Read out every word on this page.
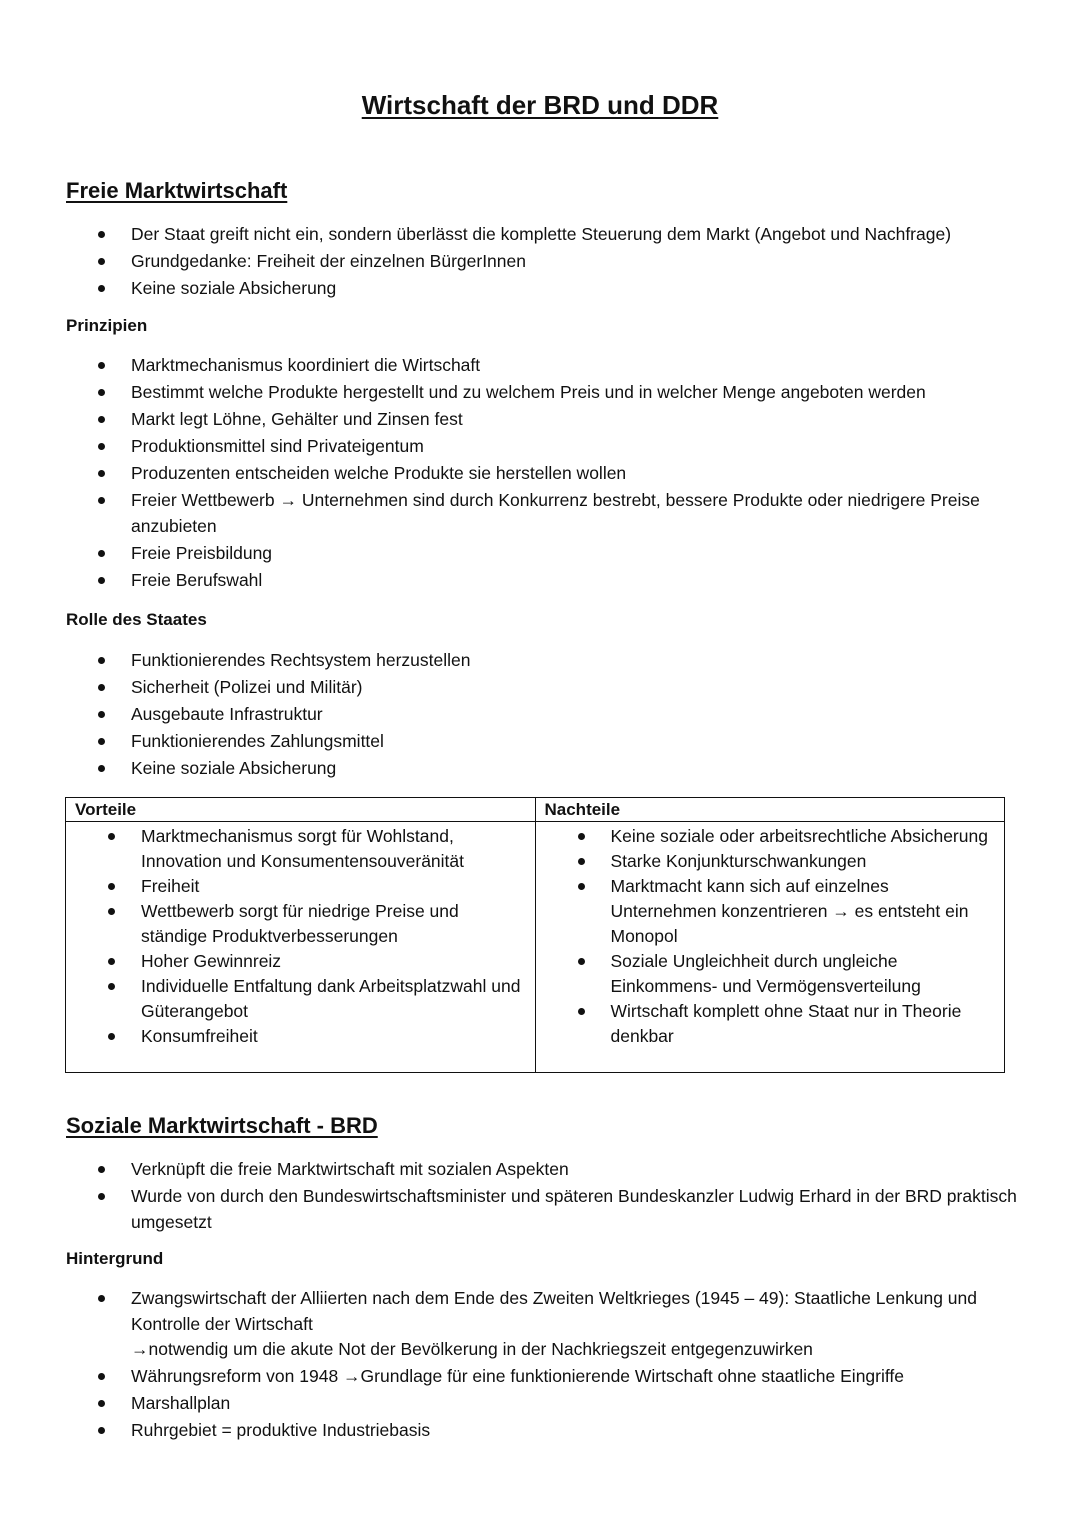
Wirtschaft der BRD und DDR
Freie Marktwirtschaft
Der Staat greift nicht ein, sondern überlässt die komplette Steuerung dem Markt (Angebot und Nachfrage)
Grundgedanke: Freiheit der einzelnen BürgerInnen
Keine soziale Absicherung
Prinzipien
Marktmechanismus koordiniert die Wirtschaft
Bestimmt welche Produkte hergestellt und zu welchem Preis und in welcher Menge angeboten werden
Markt legt Löhne, Gehälter und Zinsen fest
Produktionsmittel sind Privateigentum
Produzenten entscheiden welche Produkte sie herstellen wollen
Freier Wettbewerb → Unternehmen sind durch Konkurrenz bestrebt, bessere Produkte oder niedrigere Preise anzubieten
Freie Preisbildung
Freie Berufswahl
Rolle des Staates
Funktionierendes Rechtsystem herzustellen
Sicherheit (Polizei und Militär)
Ausgebaute Infrastruktur
Funktionierendes Zahlungsmittel
Keine soziale Absicherung
Vorteile
Marktmechanismus sorgt für Wohlstand, Innovation und Konsumentensouveränität
Freiheit
Wettbewerb sorgt für niedrige Preise und ständige Produktverbesserungen
Hoher Gewinnreiz
Individuelle Entfaltung dank Arbeitsplatzwahl und Güterangebot
Konsumfreiheit
Nachteile
Keine soziale oder arbeitsrechtliche Absicherung
Starke Konjunkturschwankungen
Marktmacht kann sich auf einzelnes Unternehmen konzentrieren → es entsteht ein Monopol
Soziale Ungleichheit durch ungleiche Einkommens- und Vermögensverteilung
Wirtschaft komplett ohne Staat nur in Theorie denkbar
Soziale Marktwirtschaft - BRD
Verknüpft die freie Marktwirtschaft mit sozialen Aspekten
Wurde von durch den Bundeswirtschaftsminister und späteren Bundeskanzler Ludwig Erhard in der BRD praktisch umgesetzt
Hintergrund
Zwangswirtschaft der Alliierten nach dem Ende des Zweiten Weltkrieges (1945 – 49): Staatliche Lenkung und Kontrolle der Wirtschaft
→notwendig um die akute Not der Bevölkerung in der Nachkriegszeit entgegenzuwirken
Währungsreform von 1948 →Grundlage für eine funktionierende Wirtschaft ohne staatliche Eingriffe
Marshallplan
Ruhrgebiet = produktive Industriebasis
